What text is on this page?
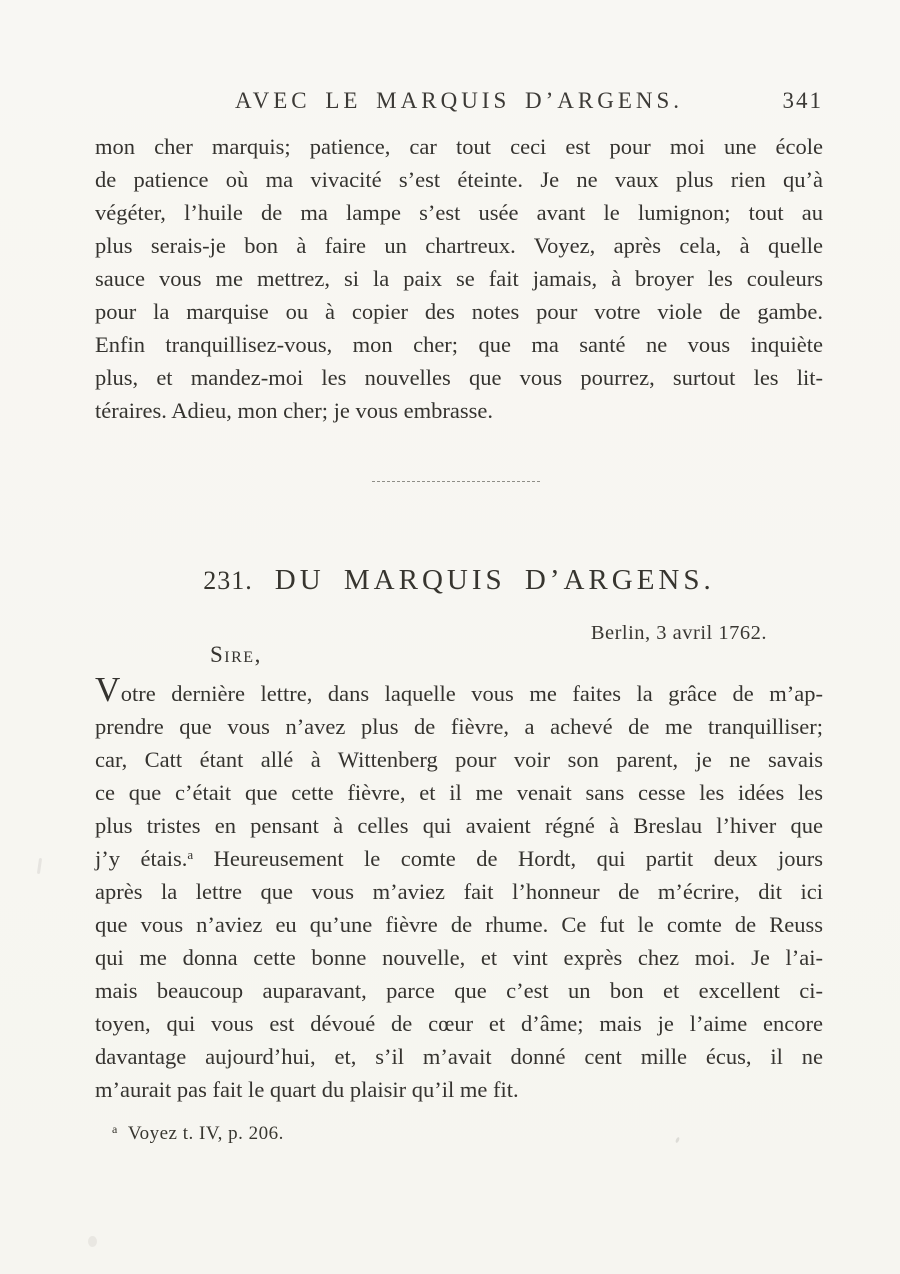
AVEC LE MARQUIS D’ARGENS.	341
mon cher marquis; patience, car tout ceci est pour moi une école
de patience où ma vivacité s’est éteinte. Je ne vaux plus rien qu’à
végéter, l’huile de ma lampe s’est usée avant le lumignon; tout au
plus serais-je bon à faire un chartreux. Voyez, après cela, à quelle
sauce vous me mettrez, si la paix se fait jamais, à broyer les couleurs
pour la marquise ou à copier des notes pour votre viole de gambe.
Enfin tranquillisez-vous, mon cher; que ma santé ne vous inquiète
plus, et mandez-moi les nouvelles que vous pourrez, surtout les lit-
téraires. Adieu, mon cher; je vous embrasse.
231. DU MARQUIS D’ARGENS.
Berlin, 3 avril 1762.
Sire,
Votre dernière lettre, dans laquelle vous me faites la grâce de m’ap-
prendre que vous n’avez plus de fièvre, a achevé de me tranquilliser;
car, Catt étant allé à Wittenberg pour voir son parent, je ne savais
ce que c’était que cette fièvre, et il me venait sans cesse les idées les
plus tristes en pensant à celles qui avaient régné à Breslau l’hiver que
j’y étais.$^a$ Heureusement le comte de Hordt, qui partit deux jours
après la lettre que vous m’aviez fait l’honneur de m’écrire, dit ici
que vous n’aviez eu qu’une fièvre de rhume. Ce fut le comte de Reuss
qui me donna cette bonne nouvelle, et vint exprès chez moi. Je l’ai-
mais beaucoup auparavant, parce que c’est un bon et excellent ci-
toyen, qui vous est dévoué de cœur et d’âme; mais je l’aime encore
davantage aujourd’hui, et, s’il m’avait donné cent mille écus, il ne
m’aurait pas fait le quart du plaisir qu’il me fit.
$^a$ Voyez t. IV, p. 206.
